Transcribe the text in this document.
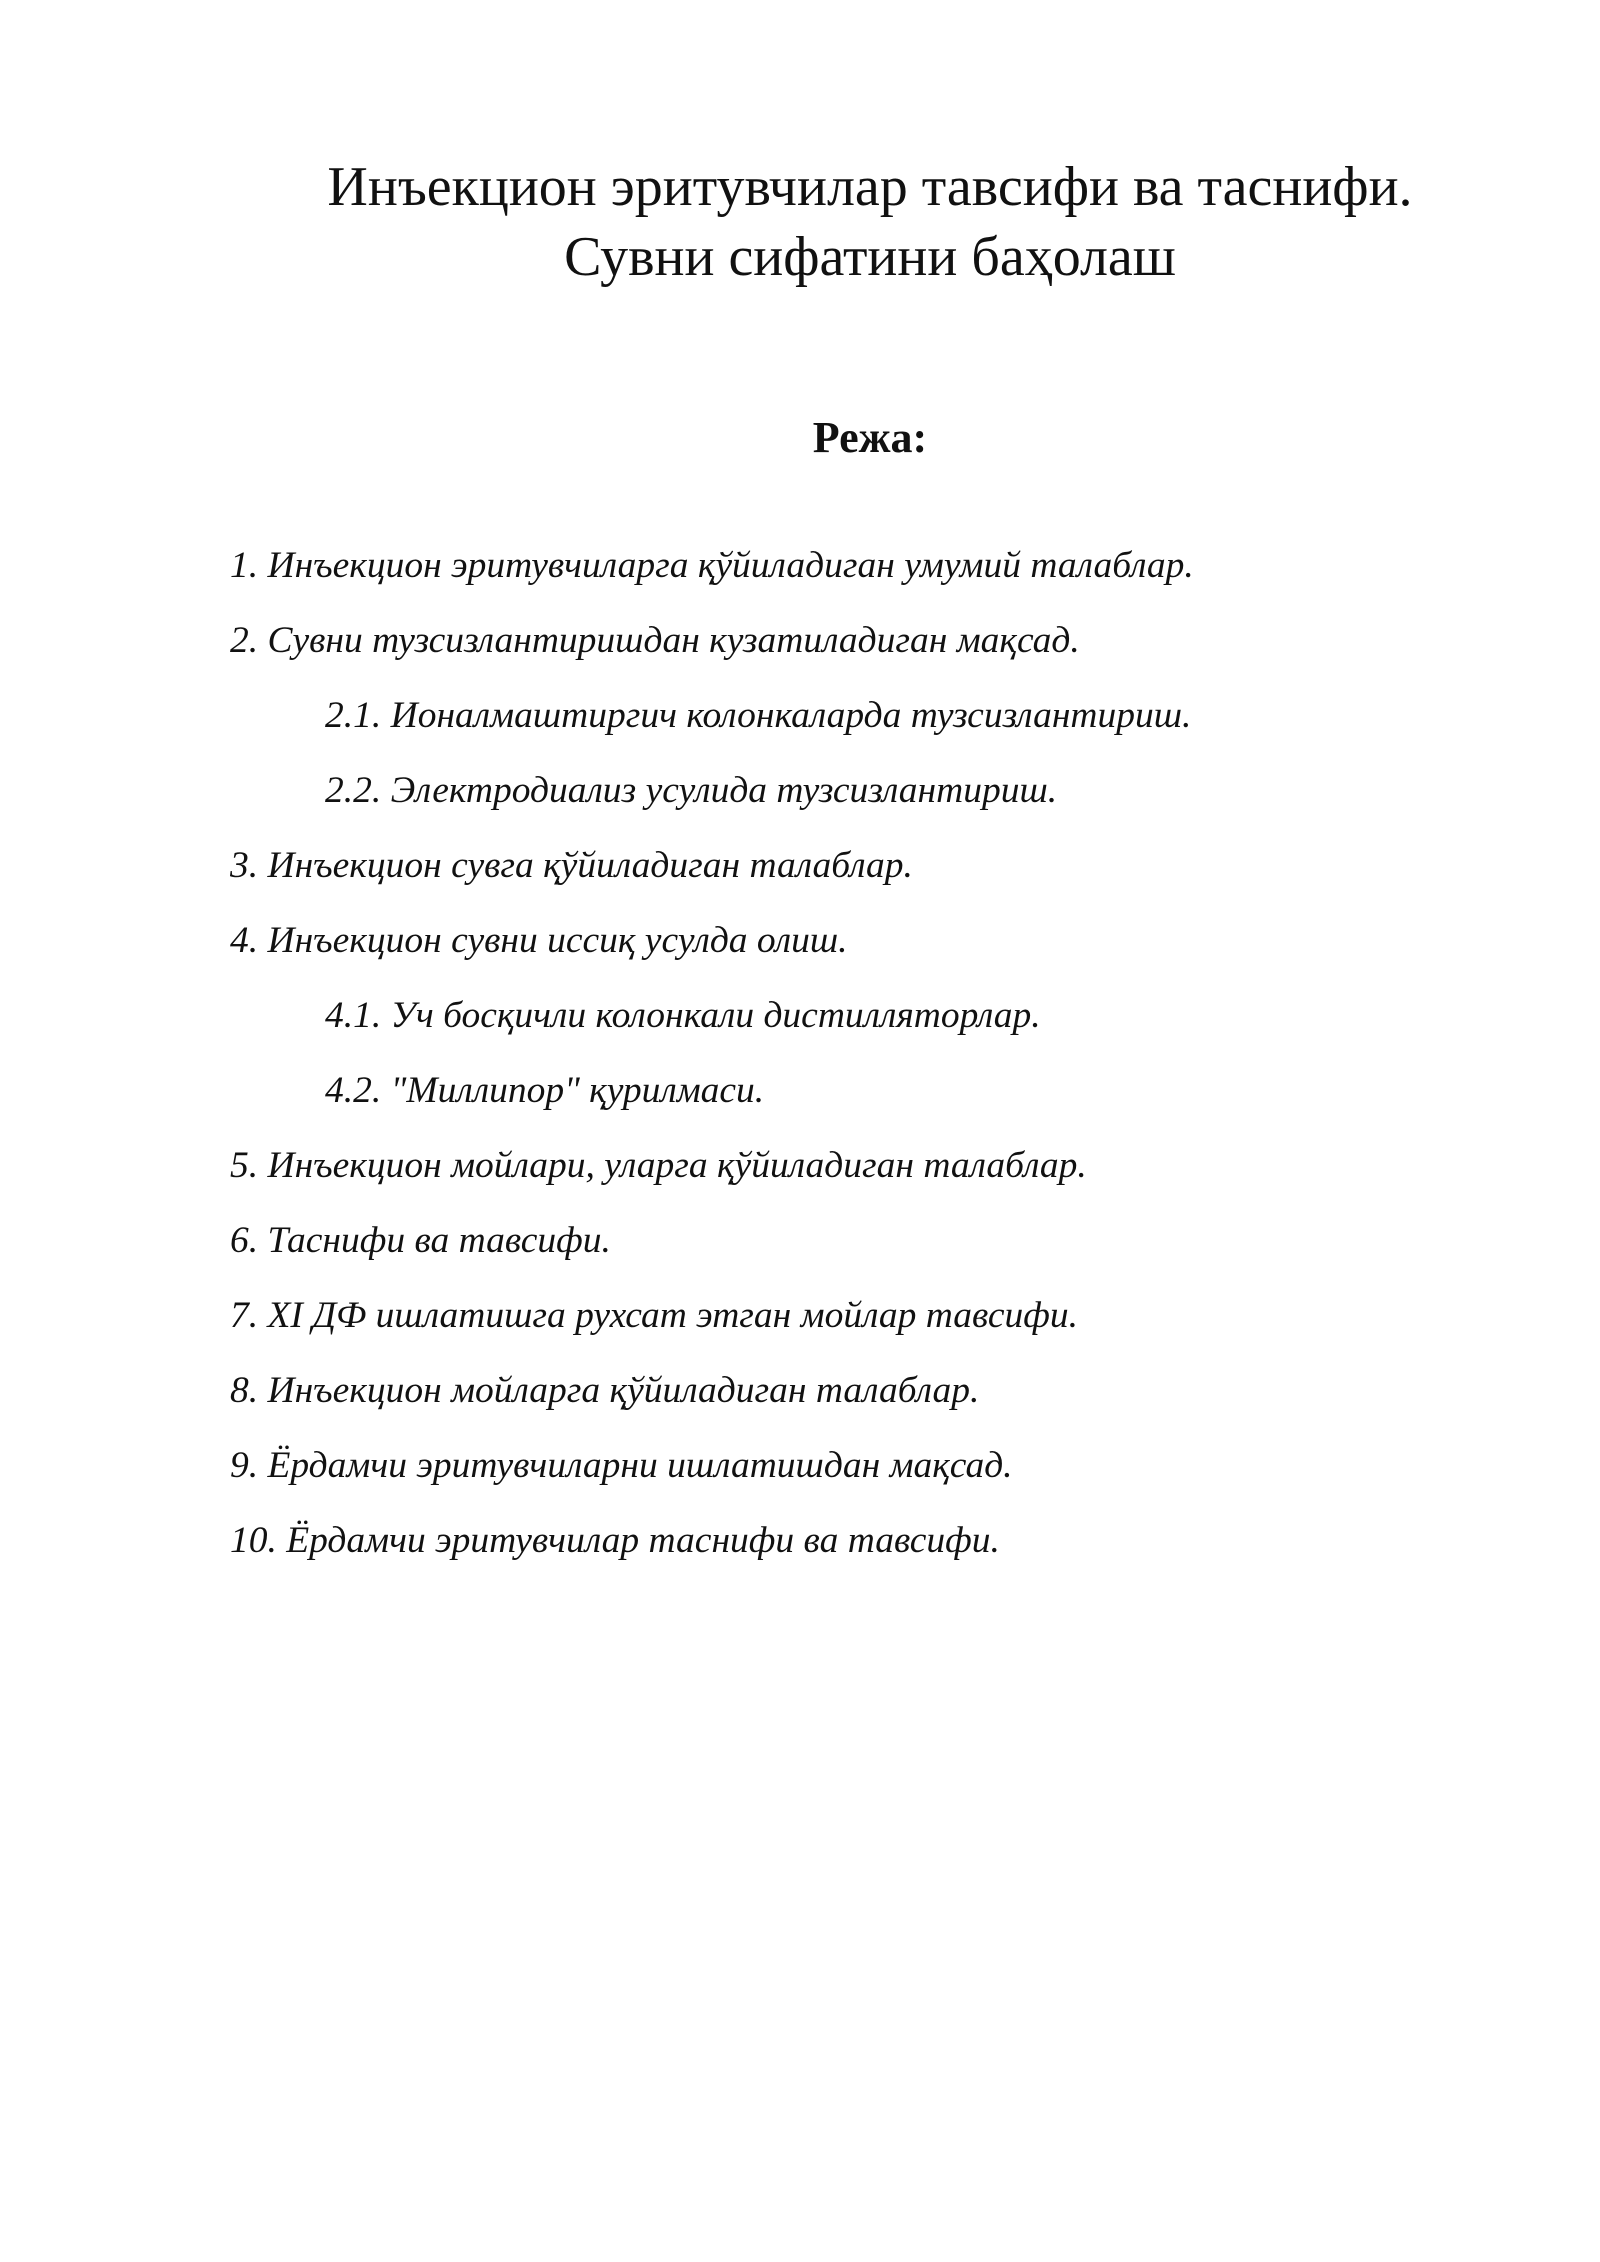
Инъекцион эритувчилар тавсифи ва таснифи.
Сувни сифатини баҳолаш
Режа:
1. Инъекцион эритувчиларга қўйиладиган умумий талаблар.
2. Сувни тузсизлантиришдан кузатиладиган мақсад.
2.1. Ионалмаштиргич колонкаларда тузсизлантириш.
2.2. Электродиализ усулида тузсизлантириш.
3. Инъекцион сувга қўйиладиган талаблар.
4. Инъекцион сувни иссиқ усулда олиш.
4.1. Уч босқичли колонкали дистилляторлар.
4.2. "Миллипор" қурилмаси.
5. Инъекцион мойлари, уларга қўйиладиган талаблар.
6. Таснифи ва тавсифи.
7. XI ДФ ишлатишга рухсат этган мойлар тавсифи.
8. Инъекцион мойларга қўйиладиган талаблар.
9. Ёрдамчи эритувчиларни ишлатишдан мақсад.
10. Ёрдамчи эритувчилар таснифи ва тавсифи.
